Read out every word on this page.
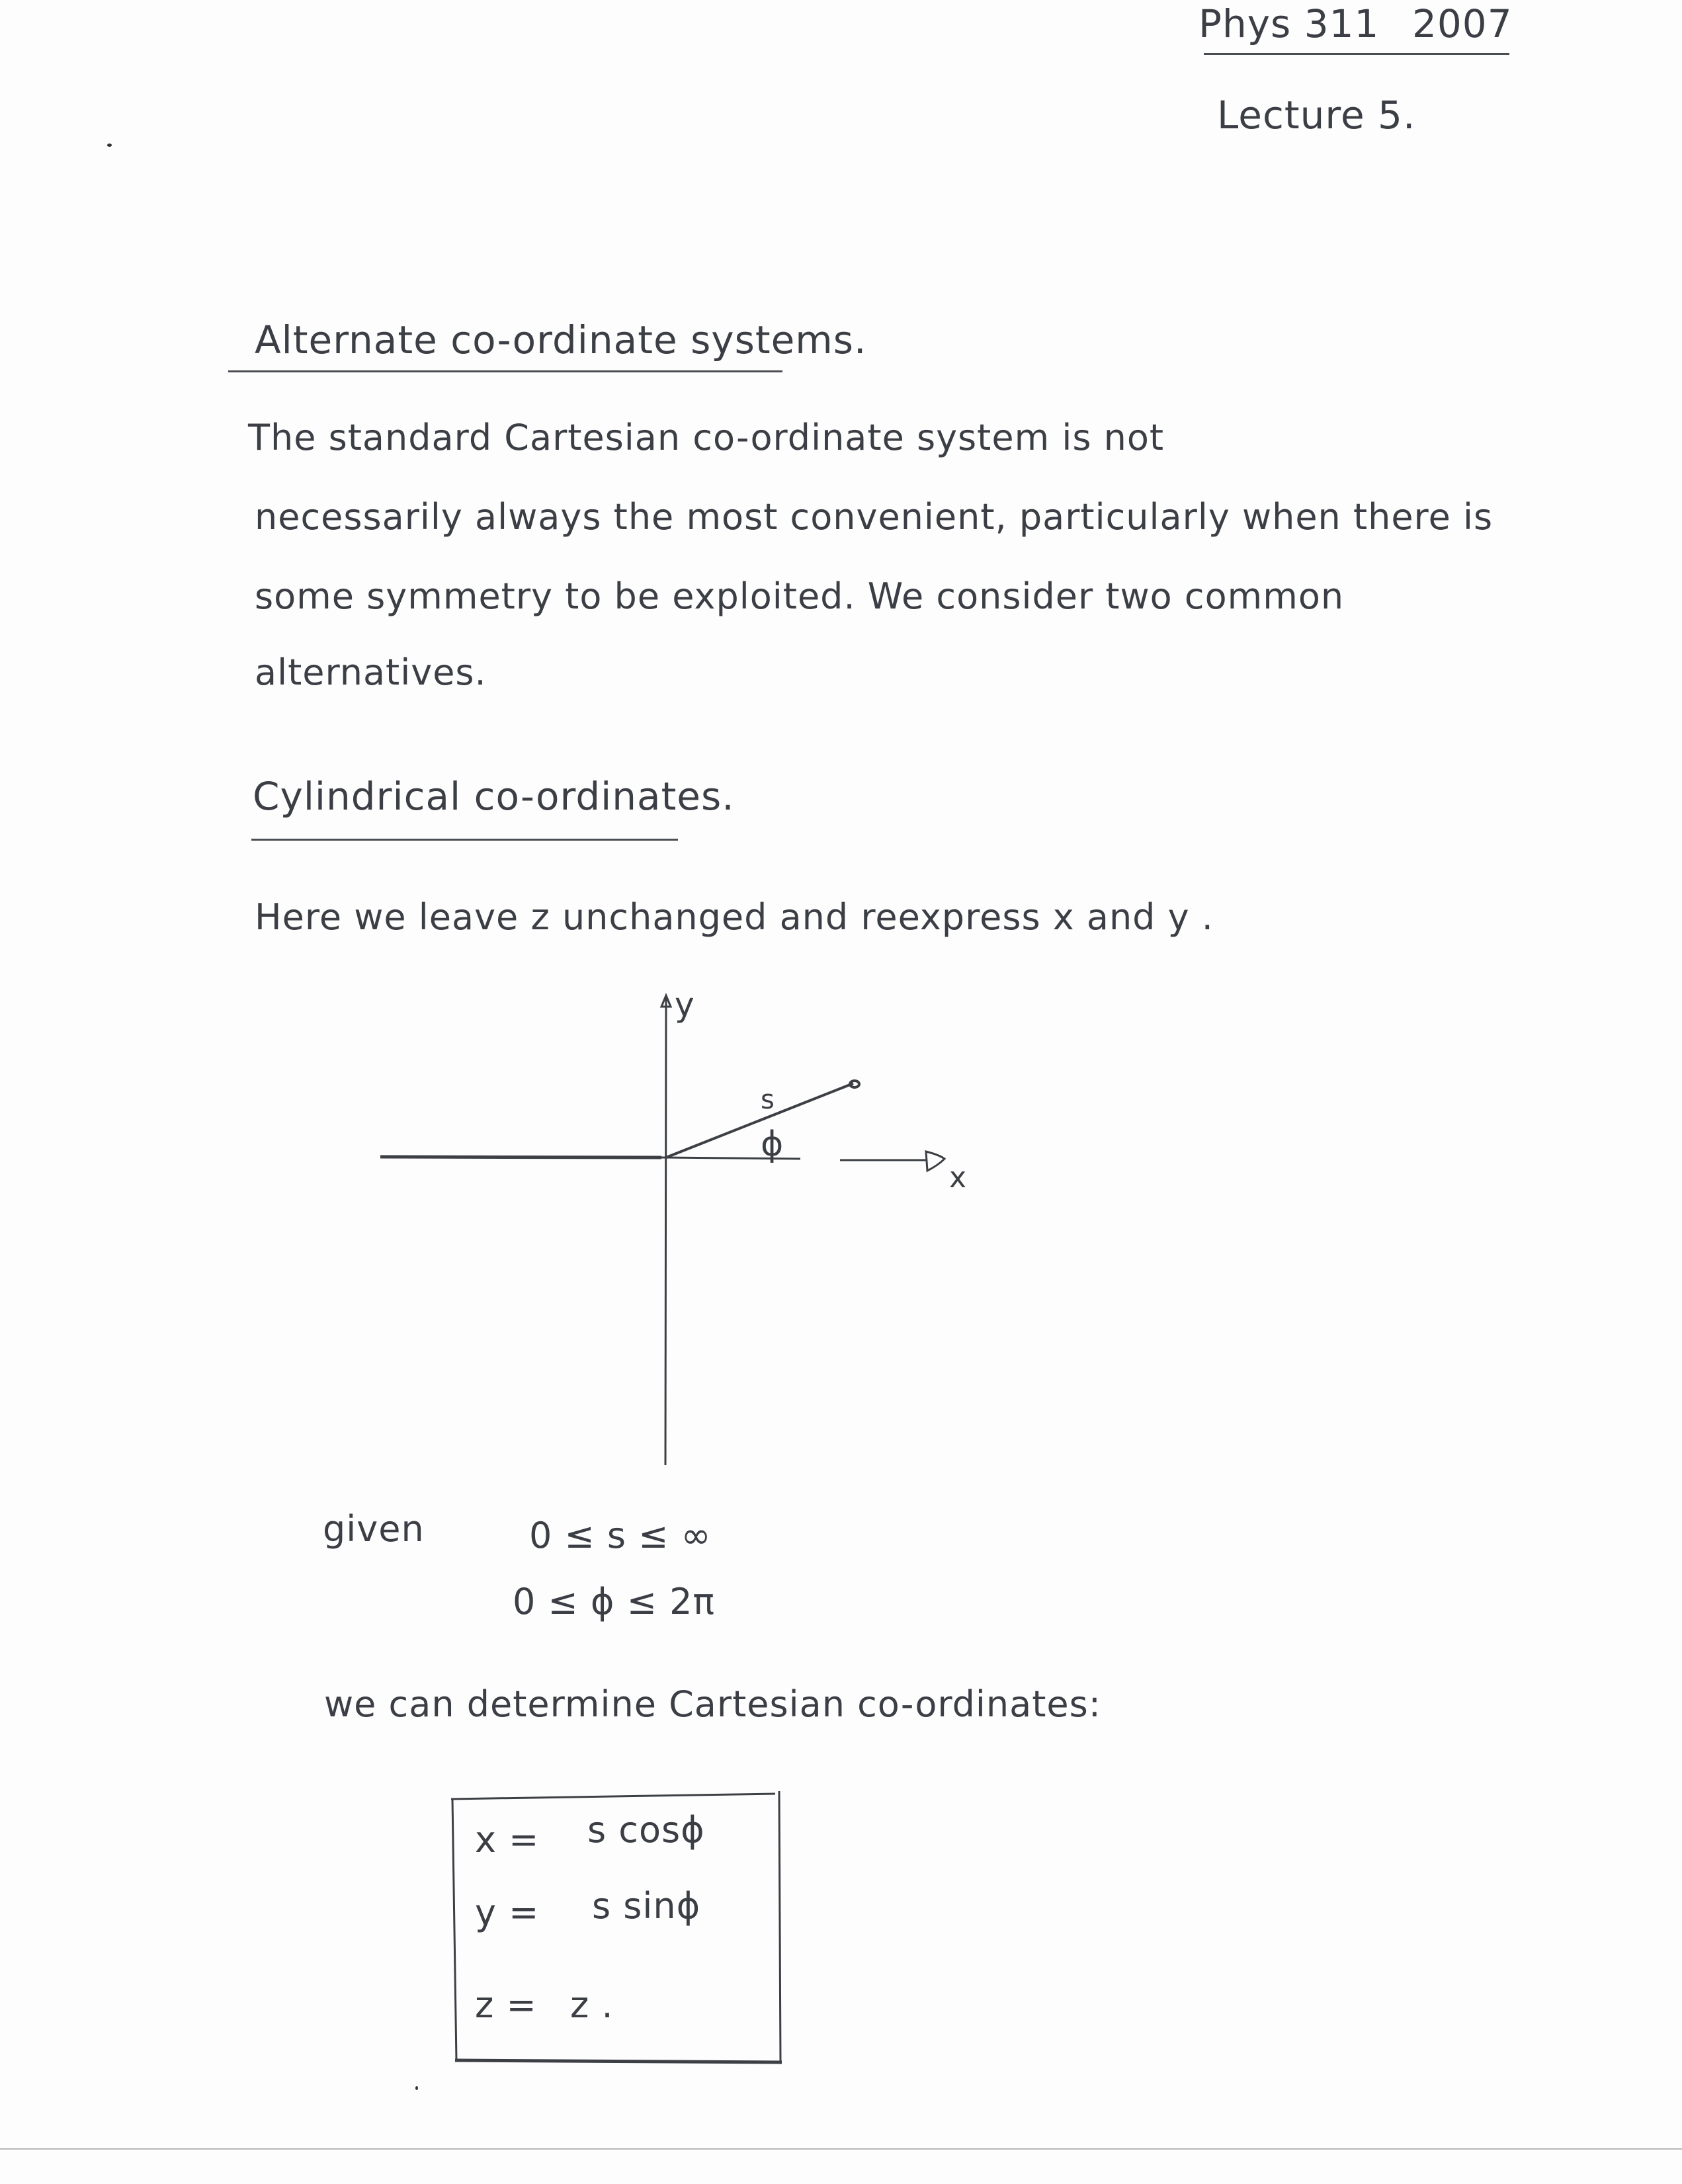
Phys 311 2007
Lecture 5.
Alternate co-ordinate systems.
The standard Cartesian co-ordinate system is not
necessarily always the most convenient, particularly when there is
some symmetry to be exploited. We consider two common
alternatives.
Cylindrical co-ordinates.
Here we leave z unchanged and reexpress x and y .
y
x
s
ϕ
given	0 ≤ s ≤ ∞
0 ≤ ϕ ≤ 2π
we can determine Cartesian co-ordinates:
x = s cosϕ
y = s sinϕ
z = z .
